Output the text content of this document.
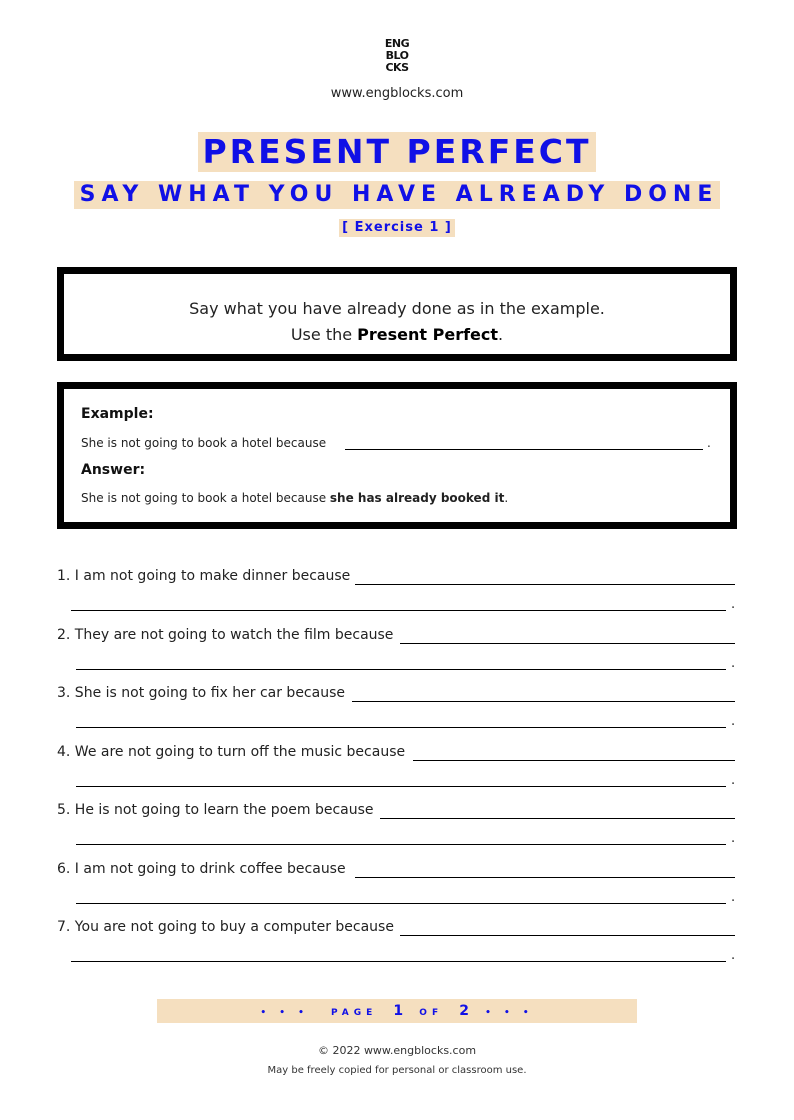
ENG
BLO
CKS
www.engblocks.com
PRESENT PERFECT
SAY WHAT YOU HAVE ALREADY DONE
[ Exercise 1 ]
Say what you have already done as in the example.
Use the Present Perfect.
Example:
She is not going to book a hotel because	.
Answer:
She is not going to book a hotel because she has already booked it.
1. I am not going to make dinner because
.
2. They are not going to watch the film because
.
3. She is not going to fix her car because
.
4. We are not going to turn off the music because
.
5. He is not going to learn the poem because
.
6. I am not going to drink coffee because
.
7. You are not going to buy a computer because
.
• • • PAGE 1 OF 2 • • •
© 2022 www.engblocks.com
May be freely copied for personal or classroom use.
